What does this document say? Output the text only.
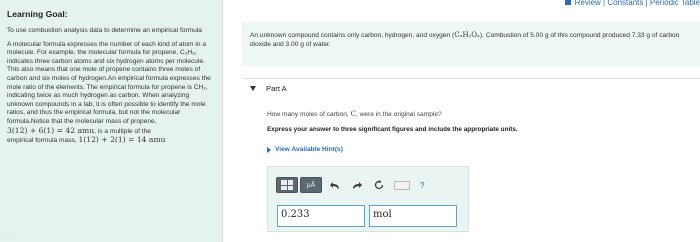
Review | Constants | Periodic Table
Learning Goal:

To use combustion analysis data to determine an empirical formula

A molecular formula expresses the number of each kind of atom in a molecule. For example, the molecular formula for propene, C₃H₆, indicates three carbon atoms and six hydrogen atoms per molecule. This also means that one mole of propene contains three moles of carbon and six moles of hydrogen.An empirical formula expresses the mole ratio of the elements. The empirical formula for propene is CH₂, indicating twice as much hydrogen as carbon. When analyzing unknown compounds in a lab, it is often possible to identify the mole ratios, and thus the empirical formula, but not the molecular formula.Notice that the molecular mass of propene,
3(12) + 6(1) = 42 amu, is a multiple of the
empirical formula mass, 1(12) + 2(1) = 14 amu

-
An unknown compound contains only carbon, hydrogen, and oxygen (CₓHᵧOₓ). Combustion of 5.00 g of this compound produced 7.33 g of carbon dioxide and 3.00 g of water.
Part A
How many moles of carbon, C, were in the original sample?
Express your answer to three significant figures and include the appropriate units.
View Available Hint(s)
μÅ	?
0.233	mol
